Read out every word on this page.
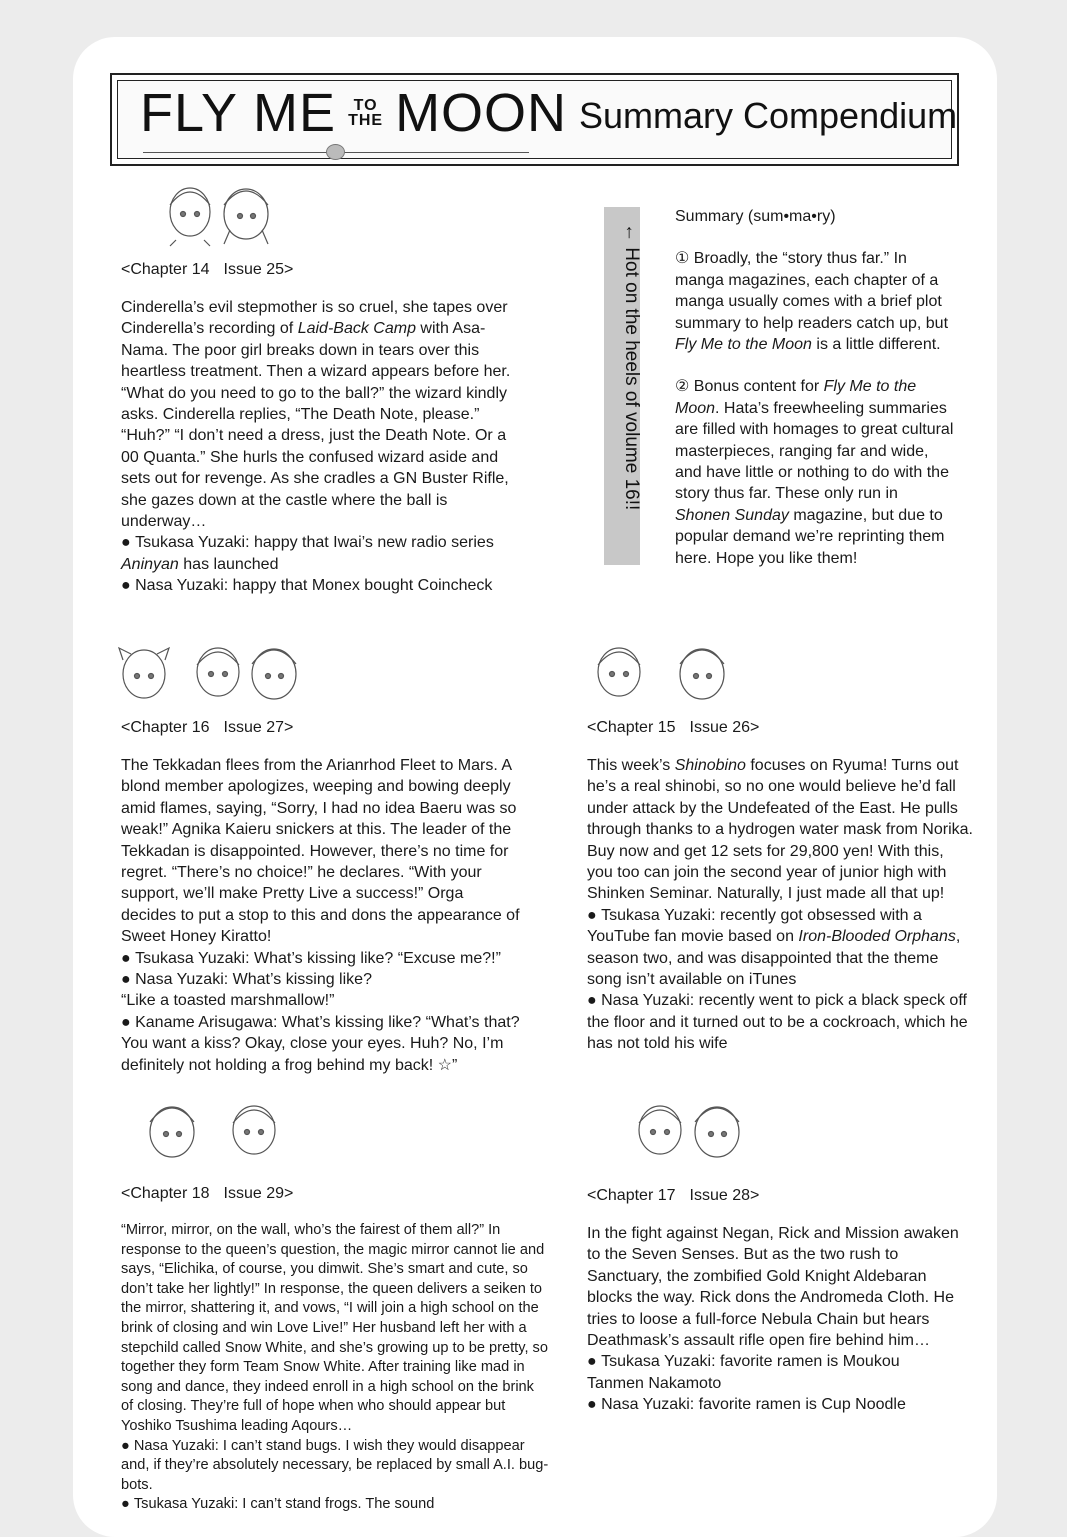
FLY ME TO
THE MOON Summary Compendium
<Chapter 14 Issue 25>

Cinderella’s evil stepmother is so cruel, she tapes over Cinderella’s recording of Laid-Back Camp with Asa-Nama. The poor girl breaks down in tears over this heartless treatment. Then a wizard appears before her. “What do you need to go to the ball?” the wizard kindly asks. Cinderella replies, “The Death Note, please.” “Huh?” “I don’t need a dress, just the Death Note. Or a 00 Quanta.” She hurls the confused wizard aside and sets out for revenge. As she cradles a GN Buster Rifle, she gazes down at the castle where the ball is underway…

● Tsukasa Yuzaki: happy that Iwai’s new radio series Aninyan has launched

● Nasa Yuzaki: happy that Monex bought Coincheck

← Hot on the heels of volume 16!!

Summary (sum•ma•ry)

① Broadly, the “story thus far.” In manga magazines, each chapter of a manga usually comes with a brief plot summary to help readers catch up, but Fly Me to the Moon is a little different.

② Bonus content for Fly Me to the Moon. Hata’s freewheeling summaries are filled with homages to great cultural masterpieces, ranging far and wide, and have little or nothing to do with the story thus far. These only run in Shonen Sunday magazine, but due to popular demand we’re reprinting them here. Hope you like them!

<Chapter 16 Issue 27>

The Tekkadan flees from the Arianrhod Fleet to Mars. A blond member apologizes, weeping and bowing deeply amid flames, saying, “Sorry, I had no idea Baeru was so weak!” Agnika Kaieru snickers at this. The leader of the Tekkadan is disappointed. However, there’s no time for regret. “There’s no choice!” he declares. “With your support, we’ll make Pretty Live a success!” Orga decides to put a stop to this and dons the appearance of Sweet Honey Kiratto!

● Tsukasa Yuzaki: What’s kissing like? “Excuse me?!”

● Nasa Yuzaki: What’s kissing like?

“Like a toasted marshmallow!”

● Kaname Arisugawa: What’s kissing like? “What’s that? You want a kiss? Okay, close your eyes. Huh? No, I’m definitely not holding a frog behind my back! ☆”

<Chapter 15 Issue 26>

This week’s Shinobino focuses on Ryuma! Turns out he’s a real shinobi, so no one would believe he’d fall under attack by the Undefeated of the East. He pulls through thanks to a hydrogen water mask from Norika. Buy now and get 12 sets for 29,800 yen! With this, you too can join the second year of junior high with Shinken Seminar. Naturally, I just made all that up!

● Tsukasa Yuzaki: recently got obsessed with a YouTube fan movie based on Iron-Blooded Orphans, season two, and was disappointed that the theme song isn’t available on iTunes

● Nasa Yuzaki: recently went to pick a black speck off the floor and it turned out to be a cockroach, which he has not told his wife

<Chapter 18 Issue 29>

“Mirror, mirror, on the wall, who’s the fairest of them all?” In response to the queen’s question, the magic mirror cannot lie and says, “Elichika, of course, you dimwit. She’s smart and cute, so don’t take her lightly!” In response, the queen delivers a seiken to the mirror, shattering it, and vows, “I will join a high school on the brink of closing and win Love Live!” Her husband left her with a stepchild called Snow White, and she’s growing up to be pretty, so together they form Team Snow White. After training like mad in song and dance, they indeed enroll in a high school on the brink of closing. They’re full of hope when who should appear but Yoshiko Tsushima leading Aqours…

● Nasa Yuzaki: I can’t stand bugs. I wish they would disappear and, if they’re absolutely necessary, be replaced by small A.I. bug-bots.

● Tsukasa Yuzaki: I can’t stand frogs. The sound

<Chapter 17 Issue 28>

In the fight against Negan, Rick and Mission awaken to the Seven Senses. But as the two rush to Sanctuary, the zombified Gold Knight Aldebaran blocks the way. Rick dons the Andromeda Cloth. He tries to loose a full-force Nebula Chain but hears Deathmask’s assault rifle open fire behind him…

● Tsukasa Yuzaki: favorite ramen is Moukou Tanmen Nakamoto

● Nasa Yuzaki: favorite ramen is Cup Noodle
